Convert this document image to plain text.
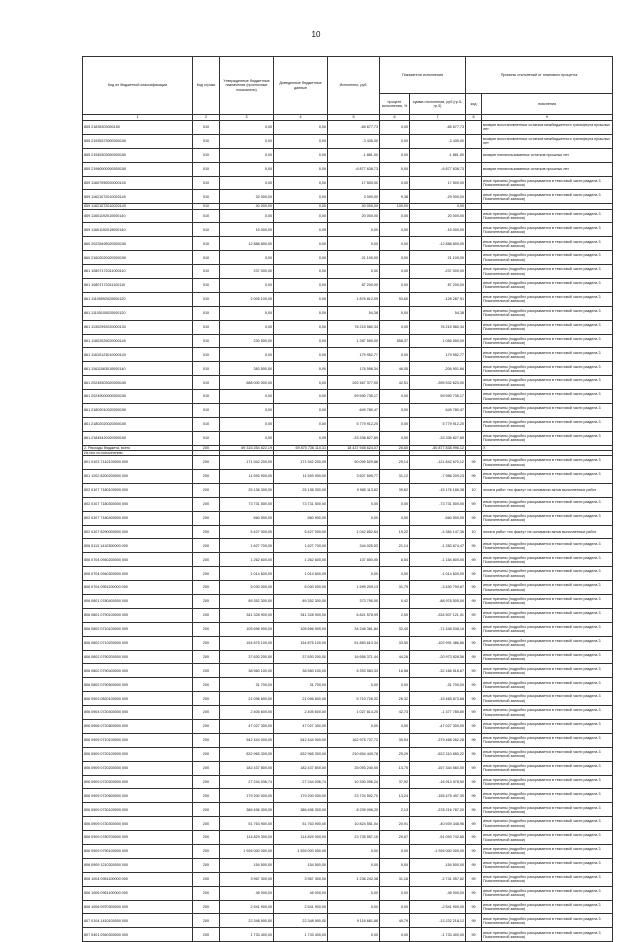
10
Код по бюджетной классификации	Код строки	Утвержденные бюджетные назначения (прогнозные показатели)	Доведенные бюджетные данные	Исполнено, руб.	Показатели исполнения		Причины отклонений от планового процента	
					процент исполнения, %	сумма отклонения, руб (гр.5-гр.3)	код	пояснения
1	2	3	4	5	6	7	8	9
855 21835303000150	010	0,00	0,00	-65 677,73	0,00	-65 677,73		возврат восстановленных остатков межбюджетного трансферта прошлых лет
855 21935373000000150	010	0,00	0,00	-3 435,00	0,00	-3 435,00		возврат восстановленных остатков межбюджетного трансферта прошлых лет
855 21945303000000150	010	0,00	0,00	-1 861,00	0,00	-1 861,00		возврат неиспользованных остатков прошлых лет
855 21960000000000150	010	0,00	0,00	-6 877 638,73	0,00	-6 877 638,73		возврат неиспользованных остатков прошлых лет
859 11607090020000140	010	0,00	0,00	17 500,00	0,00	17 500,00		иные причины (подробно раскрывается в текстовой части раздела 3 Пояснительной записки)
859 11621072010020140	010	32 000,00	0,00	3 000,00	9,38	-29 000,00		иные причины (подробно раскрывается в текстовой части раздела 3 Пояснительной записки)
859 11621072010020140	010	40 000,00	0,00	40 000,00	100,00	0,00		
859 11601192010000140	010	0,00	0,00	20 000,00	0,00	20 000,00		иные причины (подробно раскрывается в текстовой части раздела 3 Пояснительной записки)
859 11601192019000140	010	15 000,00	0,00	0,00	0,00	-15 000,00		иные причины (подробно раскрывается в текстовой части раздела 3 Пояснительной записки)
860 20225495020000150	010	12 888 800,00	0,00	0,00	0,00	-12 888 800,00		иные причины (подробно раскрывается в текстовой части раздела 3 Пояснительной записки)
860 21602020020000150	010	0,00	0,00	21 100,00	0,00	21 100,00		иные причины (подробно раскрывается в текстовой части раздела 3 Пояснительной записки)
861 10807172011000110	010	237 000,00	0,00	0,00	0,00	-237 000,00		иные причины (подробно раскрывается в текстовой части раздела 3 Пояснительной записки)
861 10807172011100110	010	0,00	0,00	87 200,00	0,00	87 200,00		иные причины (подробно раскрывается в текстовой части раздела 3 Пояснительной записки)
861 11105092020000120	010	2 005 100,00	0,00	1 876 812,09	93,60	-128 287,91		иные причины (подробно раскрывается в текстовой части раздела 3 Пояснительной записки)
861 11105100020000120	010	0,00	0,00	54,38	0,00	54,38		иные причины (подробно раскрывается в текстовой части раздела 3 Пояснительной записки)
861 11302992020000130	010	0,00	0,00	76 215 560,34	0,00	76 215 560,34		иные причины (подробно раскрывается в текстовой части раздела 3 Пояснительной записки)
861 11602020020000140	010	230 500,00	0,00	1 287 550,00	558,37	1 056 550,00		иные причины (подробно раскрывается в текстовой части раздела 3 Пояснительной записки)
861 11610123010000140	010	0,00	0,00	179 952,77	0,00	179 952,77		иные причины (подробно раскрывается в текстовой части раздела 3 Пояснительной записки)
861 11611063010000140	010	383 500,00	0,00	176 598,34	46,05	-206 901,66		иные причины (подробно раскрывается в текстовой части раздела 3 Пояснительной записки)
861 20245303020000150	010	688 000 000,00	0,00	292 467 377,00	42,51	-395 532 623,00		иные причины (подробно раскрывается в текстовой части раздела 3 Пояснительной записки)
861 20249000000000150	010	0,00	0,00	59 590 735,17	0,00	59 590 735,17		иные причины (подробно раскрывается в текстовой части раздела 3 Пояснительной записки)
861 21802010020000150	010	0,00	0,00	649 780,47	0,00	649 780,47		иные причины (подробно раскрывается в текстовой части раздела 3 Пояснительной записки)
861 21802020020000150	010	0,00	0,00	5 779 912,20	0,00	5 779 912,20		иные причины (подробно раскрывается в текстовой части раздела 3 Пояснительной записки)
861 21845420020000150	010	0,00	0,00	-33 336 827,89	0,00	-33 336 827,89		иные причины (подробно раскрывается в текстовой части раздела 3 Пояснительной записки)
2. Расходы бюджета, всего	200	69 315 354 622,19	69 870 736 110,31	18 437 948 624,07	26,60	-50 877 838 996,12		X
Из них по исполнению:								
801 0103 7142100000 000	200	171 942 200,00	171 942 200,00	50 099 529,88	29,14	-121 842 670,12	99	иные причины (подробно раскрывается в текстовой части раздела 3 Пояснительной записки)
801 1202 8200200000 000	200	11 593 900,00	11 593 900,00	3 607 690,77	31,12	-7 986 209,23	99	иные причины (подробно раскрывается в текстовой части раздела 3 Пояснительной записки)
802 0107 7180100000 000	200	25 136 300,00	25 136 300,00	9 980 113,62	39,62	-15 176 186,38	10	оплата работ «по факту» на основании актов выполненных работ
802 0107 7180300000 000	200	73 731 500,00	73 731 500,00	0,00	0,00	-73 731 500,00	99	иные причины (подробно раскрывается в текстовой части раздела 3 Пояснительной записки)
802 0107 7180400000 000	200	560 900,00	560 900,00	0,00	0,00	-560 900,00	99	иные причины (подробно раскрывается в текстовой части раздела 3 Пояснительной записки)
802 0107 8290000000 000	200	5 427 000,00	5 427 000,00	1 042 852,64	19,22	-4 384 147,36	10	оплата работ «по факту» на основании актов выполненных работ
806 0113 1410300000 000	200	1 627 700,00	1 627 700,00	344 025,53	21,14	-1 283 674,47	99	иные причины (подробно раскрывается в текстовой части раздела 3 Пояснительной записки)
806 0704 0940200000 000	200	1 262 600,00	1 262 600,00	107 800,00	8,54	-1 154 800,00	99	иные причины (подробно раскрывается в текстовой части раздела 3 Пояснительной записки)
806 0704 0940300000 000	200	1 014 600,00	1 014 600,00	0,00	0,00	-1 014 600,00	99	иные причины (подробно раскрывается в текстовой части раздела 3 Пояснительной записки)
806 0704 0951100000 000	200	5 030 000,00	5 030 000,00	1 599 209,13	31,79	-3 430 790,87	99	иные причины (подробно раскрывается в текстовой части раздела 3 Пояснительной записки)
806 0801 0780400000 000	200	89 352 300,00	89 352 300,00	373 795,00	0,42	-88 978 505,00	99	иные причины (подробно раскрывается в текстовой части раздела 3 Пояснительной записки)
806 0801 0790100000 000	200	341 328 900,00	341 328 900,00	6 821 578,99	2,00	-334 507 121,01	99	иные причины (подробно раскрывается в текстовой части раздела 3 Пояснительной записки)
806 0802 0710100000 000	200	105 696 900,00	105 696 900,00	34 248 361,84	32,40	-71 448 538,16	99	иные причины (подробно раскрывается в текстовой части раздела 3 Пояснительной записки)
806 0802 0710200000 000	200	154 875 100,00	154 875 100,00	51 883 613,34	33,50	-102 991 486,66	99	иные причины (подробно раскрывается в текстовой части раздела 3 Пояснительной записки)
806 0802 0790200000 000	200	37 630 200,00	37 630 200,00	16 656 371,44	44,26	-20 973 828,56	99	иные причины (подробно раскрывается в текстовой части раздела 3 Пояснительной записки)
806 0802 0790400000 000	200	38 560 100,00	38 560 100,00	6 393 583,33	16,58	-32 166 516,67	99	иные причины (подробно раскрывается в текстовой части раздела 3 Пояснительной записки)
806 0802 0790500000 000	200	31 700,00	31 700,00	0,00	0,00	-31 700,00	99	иные причины (подробно раскрывается в текстовой части раздела 3 Пояснительной записки)
806 0903 0820100000 000	200	21 096 600,00	21 096 600,00	5 710 726,32	26,32	-15 465 873,68	99	иные причины (подробно раскрывается в текстовой части раздела 3 Пояснительной записки)
806 0904 0720400000 000	200	2 405 600,00	2 405 600,00	1 027 814,20	42,73	-1 377 785,80	99	иные причины (подробно раскрывается в текстовой части раздела 3 Пояснительной записки)
806 0906 0720800000 000	200	47 027 300,00	47 027 300,00	0,00	0,00	-47 027 300,00	99	иные причины (подробно раскрывается в текстовой части раздела 3 Пояснительной записки)
806 0909 0710100000 000	200	542 444 000,00	542 444 000,00	162 975 737,72	30,04	-379 468 262,28	99	иные причины (подробно раскрывается в текстовой части раздела 3 Пояснительной записки)
806 0909 0720100000 000	200	832 965 300,00	832 965 300,00	210 654 449,78	25,29	-622 310 850,22	99	иные причины (подробно раскрывается в текстовой части раздела 3 Пояснительной записки)
806 0909 0720200000 000	200	182 437 800,00	182 437 800,00	25 093 240,00	13,75	-157 344 560,00	99	иные причины (подробно раскрывается в текстовой части раздела 3 Пояснительной записки)
806 0909 0720300000 000	200	27 244 036,74	27 244 036,74	10 330 096,24	37,92	-16 913 978,50	99	иные причины (подробно раскрывается в текстовой части раздела 3 Пояснительной записки)
806 0909 0720600000 000	200	179 200 000,00	179 200 000,00	23 724 502,70	13,24	-155 475 497,30	99	иные причины (подробно раскрывается в текстовой части раздела 3 Пояснительной записки)
806 0909 0730100000 000	200	386 456 300,00	386 456 300,00	8 239 096,20	2,13	-378 216 787,20	99	иные причины (подробно раскрывается в текстовой части раздела 3 Пояснительной записки)
806 0909 0730300000 000	200	51 763 900,00	51 763 900,00	10 824 551,04	20,91	-40 939 348,96	99	иные причины (подробно раскрывается в текстовой части раздела 3 Пояснительной записки)
806 0909 0780700000 000	200	114 829 300,00	114 829 300,00	23 735 557,15	20,67	-91 093 742,85	99	иные причины (подробно раскрывается в текстовой части раздела 3 Пояснительной записки)
806 0909 0790100000 000	200	1 926 000 000,00	1 926 000 000,00	0,00	0,00	-1 926 000 000,00	99	иные причины (подробно раскрывается в текстовой части раздела 3 Пояснительной записки)
806 0909 1210300000 000	200	154 500,00	154 500,00	0,00	0,00	-154 500,00	99	иные причины (подробно раскрывается в текстовой части раздела 3 Пояснительной записки)
806 1004 0951100000 000	200	3 967 300,00	3 967 300,00	1 236 242,38	31,16	-2 731 057,62	99	иные причины (подробно раскрывается в текстовой части раздела 3 Пояснительной записки)
806 1006 0951100000 000	200	45 000,00	45 000,00	0,00	0,00	-45 000,00	99	иные причины (подробно раскрывается в текстовой части раздела 3 Пояснительной записки)
806 1006 0970300000 000	200	2 541 900,00	2 541 900,00	0,00	0,00	-2 541 900,00	99	иные причины (подробно раскрывается в текстовой части раздела 3 Пояснительной записки)
807 0104 1410100000 000	200	22 348 900,00	22 348 900,00	9 116 681,88	40,79	-13 232 218,12	99	иные причины (подробно раскрывается в текстовой части раздела 3 Пояснительной записки)
807 0401 0940300000 000	200	1 733 400,00	1 733 400,00	0,00	0,00	-1 733 400,00	99	иные причины (подробно раскрывается в текстовой части раздела 3 Пояснительной записки)
